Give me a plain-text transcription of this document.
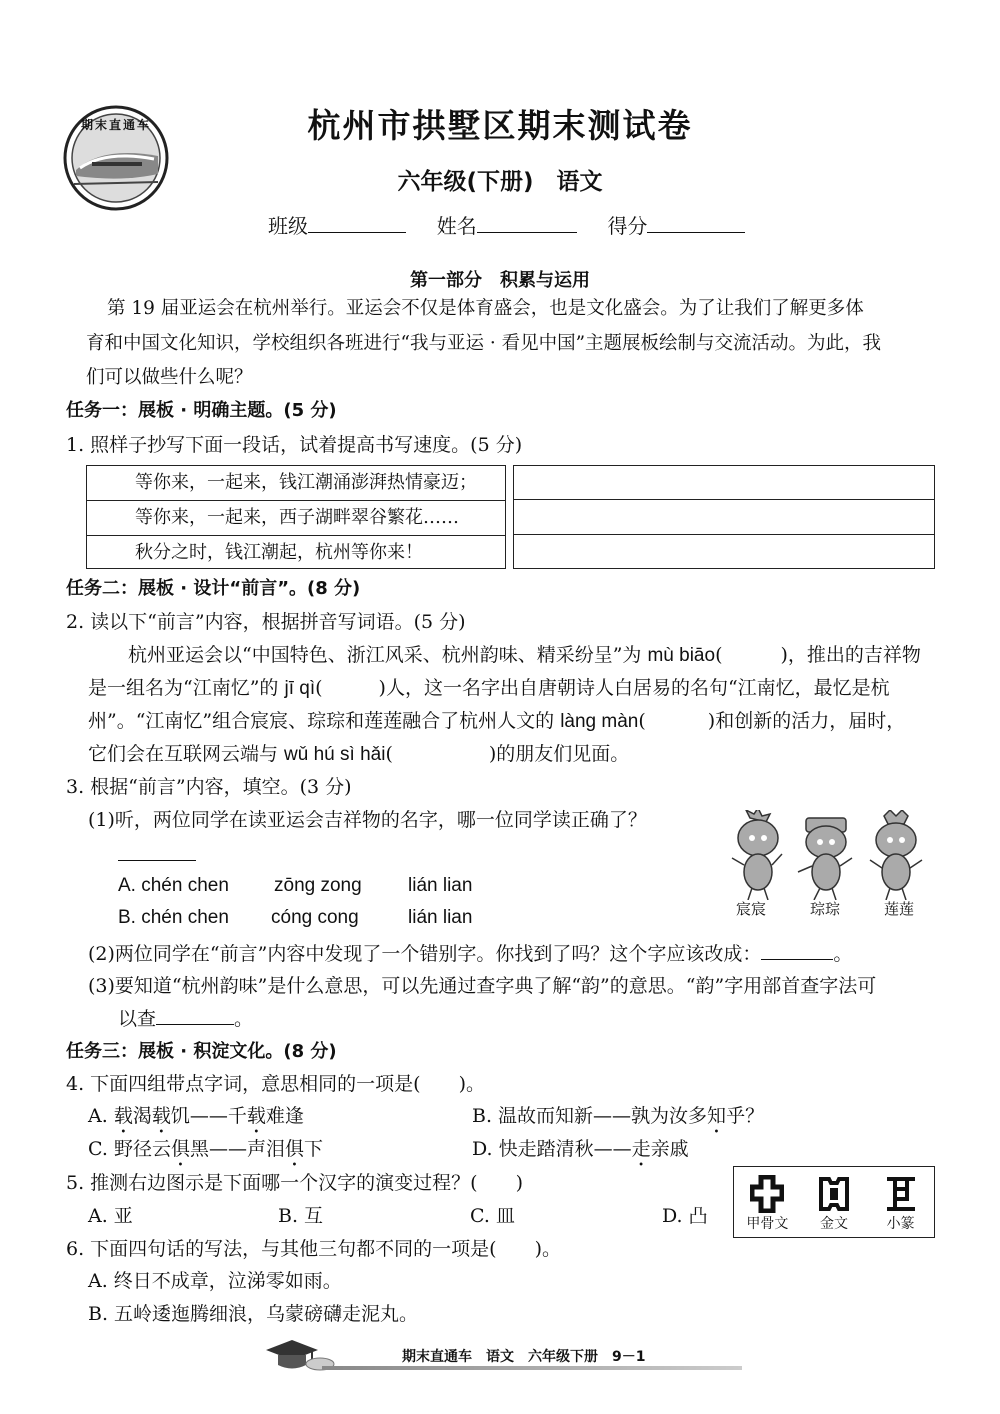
期末直通车	杭州市拱墅区期末测试卷
六年级(下册)　语文
班级	姓名	得分
第一部分　积累与运用
第 19 届亚运会在杭州举行。亚运会不仅是体育盛会，也是文化盛会。为了让我们了解更多体
育和中国文化知识，学校组织各班进行“我与亚运 · 看见中国”主题展板绘制与交流活动。为此，我
们可以做些什么呢？
任务一：展板 · 明确主题。(5 分)
1. 照样子抄写下面一段话，试着提高书写速度。(5 分)
等你来，一起来，钱江潮涌澎湃热情豪迈；
等你来，一起来，西子湖畔翠谷繁花……
秋分之时，钱江潮起，杭州等你来！
任务二：展板 · 设计“前言”。(8 分)
2. 读以下“前言”内容，根据拼音写词语。(5 分)
杭州亚运会以“中国特色、浙江风采、杭州韵味、精采纷呈”为 mù biāo(	)，推出的吉祥物
是一组名为“江南忆”的 jī qì(	)人，这一名字出自唐朝诗人白居易的名句“江南忆，最忆是杭
州”。“江南忆”组合宸宸、琮琮和莲莲融合了杭州人文的 làng màn(	)和创新的活力，届时，
它们会在互联网云端与 wǔ hú sì hǎi(	)的朋友们见面。
3. 根据“前言”内容，填空。(3 分)
(1)听，两位同学在读亚运会吉祥物的名字，哪一位同学读正确了？
A. chén chen zōng zong lián lian
B. chén chen cóng cong	lián lian	宸宸	琮琮	莲莲
(2)两位同学在“前言”内容中发现了一个错别字。你找到了吗？这个字应该改成：	。
(3)要知道“杭州韵味”是什么意思，可以先通过查字典了解“韵”的意思。“韵”字用部首查字法可
以查	。
任务三：展板 · 积淀文化。(8 分)
4. 下面四组带点字词，意思相同的一项是(　　)。
A. 载渴载饥——千载难逢	B. 温故而知新——孰为汝多知乎？
C. 野径云俱黑——声泪俱下	D. 快走踏清秋——走亲戚
5. 推测右边图示是下面哪一个汉字的演变过程？(　　)
A. 亚	B. 互	C. 皿	D. 凸	甲骨文 金文	小篆
6. 下面四句话的写法，与其他三句都不同的一项是(　　)。
A. 终日不成章，泣涕零如雨。
B. 五岭逶迤腾细浪，乌蒙磅礴走泥丸。
期末直通车　语文　六年级下册　9－1
